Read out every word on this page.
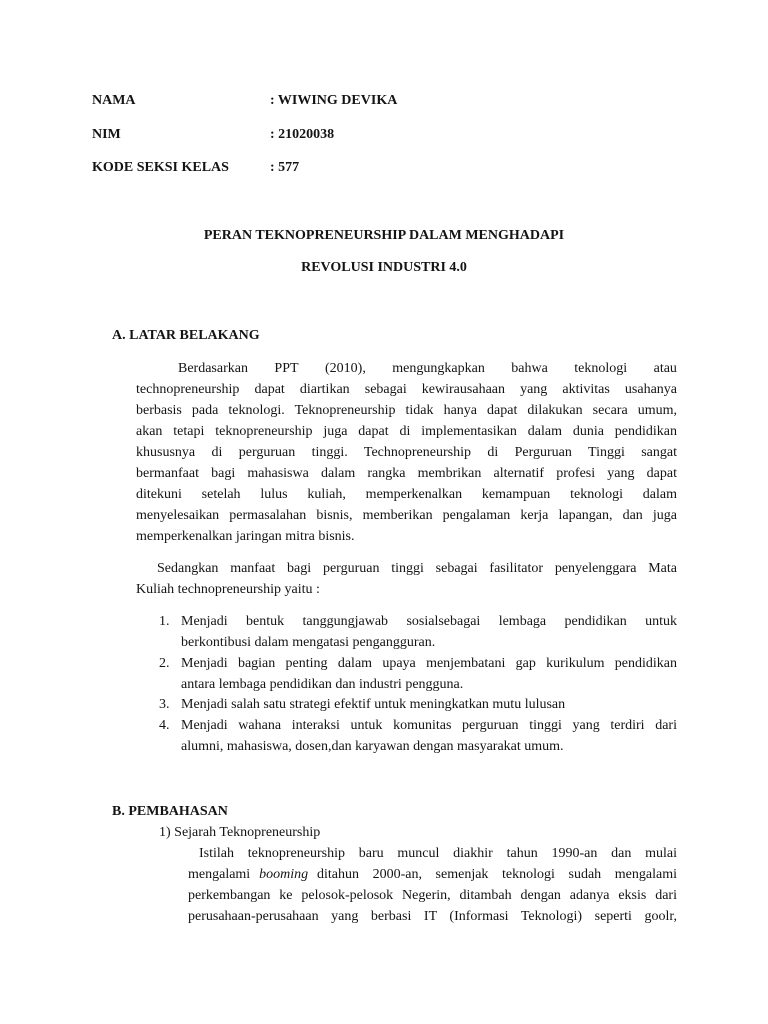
NAMA	: WIWING DEVIKA
NIM	: 21020038
KODE SEKSI KELAS	: 577
PERAN TEKNOPRENEURSHIP DALAM MENGHADAPI
REVOLUSI INDUSTRI 4.0
A. LATAR BELAKANG
Berdasarkan PPT (2010), mengungkapkan bahwa teknologi atau
technopreneurship dapat diartikan sebagai kewirausahaan yang aktivitas usahanya
berbasis pada teknologi. Teknopreneurship tidak hanya dapat dilakukan secara umum,
akan tetapi teknopreneurship juga dapat di implementasikan dalam dunia pendidikan
khususnya di perguruan tinggi. Technopreneurship di Perguruan Tinggi sangat
bermanfaat bagi mahasiswa dalam rangka membrikan alternatif profesi yang dapat
ditekuni setelah lulus kuliah, memperkenalkan kemampuan teknologi dalam
menyelesaikan permasalahan bisnis, memberikan pengalaman kerja lapangan, dan juga
memperkenalkan jaringan mitra bisnis.
Sedangkan manfaat bagi perguruan tinggi sebagai fasilitator penyelenggara Mata
Kuliah technopreneurship yaitu :
1. Menjadi bentuk tanggungjawab sosialsebagai lembaga pendidikan untuk
berkontibusi dalam mengatasi pengangguran.
2. Menjadi bagian penting dalam upaya menjembatani gap kurikulum pendidikan
antara lembaga pendidikan dan industri pengguna.
3. Menjadi salah satu strategi efektif untuk meningkatkan mutu lulusan
4. Menjadi wahana interaksi untuk komunitas perguruan tinggi yang terdiri dari
alumni, mahasiswa, dosen,dan karyawan dengan masyarakat umum.
B. PEMBAHASAN
1) Sejarah Teknopreneurship
Istilah teknopreneurship baru muncul diakhir tahun 1990-an dan mulai
mengalami booming ditahun 2000-an, semenjak teknologi sudah mengalami
perkembangan ke pelosok-pelosok Negerin, ditambah dengan adanya eksis dari
perusahaan-perusahaan yang berbasi IT (Informasi Teknologi) seperti goolr,
